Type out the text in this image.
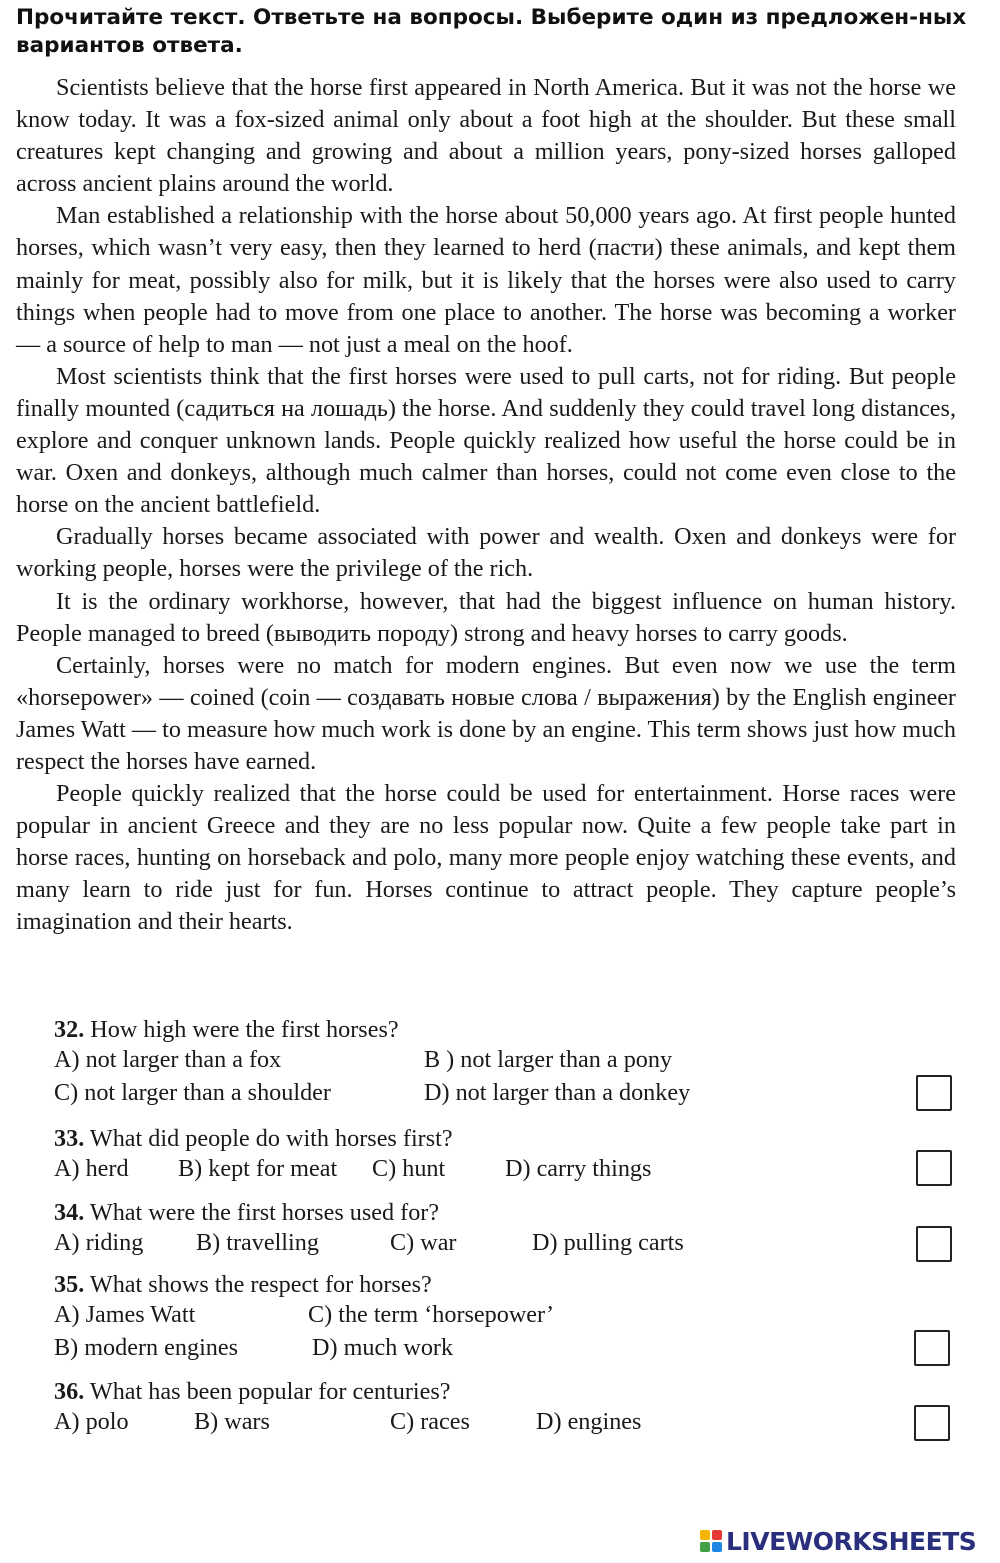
Прочитайте текст. Ответьте на вопросы. Выберите один из предложен-ных вариантов ответа.

Scientists believe that the horse first appeared in North America. But it was not the horse we know today. It was a fox-sized animal only about a foot high at the shoulder. But these small creatures kept changing and growing and about a million years, pony-sized horses galloped across ancient plains around the world.

Man established a relationship with the horse about 50,000 years ago. At first people hunted horses, which wasn’t very easy, then they learned to herd (пасти) these animals, and kept them mainly for meat, possibly also for milk, but it is likely that the horses were also used to carry things when people had to move from one place to another. The horse was becoming a worker — a source of help to man — not just a meal on the hoof.

Most scientists think that the first horses were used to pull carts, not for riding. But people finally mounted (садиться на лошадь) the horse. And suddenly they could travel long distances, explore and conquer unknown lands. People quickly realized how useful the horse could be in war. Oxen and donkeys, although much calmer than horses, could not come even close to the horse on the ancient battlefield.

Gradually horses became associated with power and wealth. Oxen and donkeys were for working people, horses were the privilege of the rich.

It is the ordinary workhorse, however, that had the biggest influence on human history. People managed to breed (выводить породу) strong and heavy horses to carry goods.

Certainly, horses were no match for modern engines. But even now we use the term «horsepower» — coined (coin — создавать новые слова / выражения) by the English engineer James Watt — to measure how much work is done by an engine. This term shows just how much respect the horses have earned.

People quickly realized that the horse could be used for entertainment. Horse races were popular in ancient Greece and they are no less popular now. Quite a few people take part in horse races, hunting on horseback and polo, many more people enjoy watching these events, and many learn to ride just for fun. Horses continue to attract people. They capture people’s imagination and their hearts.

32. How high were the first horses?
A) not larger than a fox	B ) not larger than a pony
C) not larger than a shoulder	D) not larger than a donkey
33. What did people do with horses first?
A) herd B) kept for meat C) hunt D) carry things
34. What were the first horses used for?
A) riding B) travelling	C) war	D) pulling carts
35. What shows the respect for horses?
A) James Watt	C) the term ‘horsepower’
B) modern engines	D) much work
36. What has been popular for centuries?
A) polo	B) wars	C) races	D) engines
LIVEWORKSHEETS
